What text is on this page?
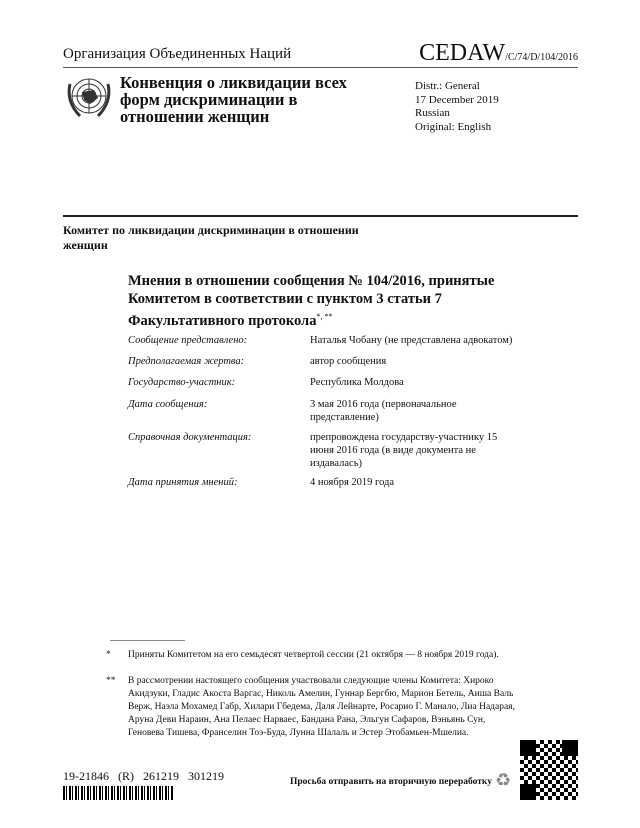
Организация Объединенных Наций	CEDAW/C/74/D/104/2016
Конвенция о ликвидации всех форм дискриминации в отношении женщин
Distr.: General
17 December 2019
Russian
Original: English
Комитет по ликвидации дискриминации в отношении женщин
Мнения в отношении сообщения № 104/2016, принятые Комитетом в соответствии с пунктом 3 статьи 7 Факультативного протокола*, **
Сообщение представлено:	Наталья Чобану (не представлена адвокатом)
Предполагаемая жертва:	автор сообщения
Государство-участник:	Республика Молдова
Дата сообщения:	3 мая 2016 года (первоначальное представление)
Справочная документация:	препровождена государству-участнику 15 июня 2016 года (в виде документа не издавалась)
Дата принятия мнений:	4 ноября 2019 года
*	Приняты Комитетом на его семьдесят четвертой сессии (21 октября — 8 ноября 2019 года).
**	В рассмотрении настоящего сообщения участвовали следующие члены Комитета: Хироко Акидзуки, Гладис Акоста Варгас, Николь Амелин, Гуннар Бергбю, Марион Бетель, Аиша Валь Верж, Наэла Мохамед Габр, Хилари Гбедема, Даля Лейнарте, Росарио Г. Манало, Лиа Надарая, Аруна Деви Нараин, Ана Пелаес Нарваес, Бандана Рана, Эльгун Сафаров, Вэньянь Сун, Геновева Тишева, Франселин Тоэ-Буда, Лунна Шалаль и Эстер Этобамьен-Мшелиа.
19-21846 (R) 261219 301219	Просьба отправить на вторичную переработку ♻
